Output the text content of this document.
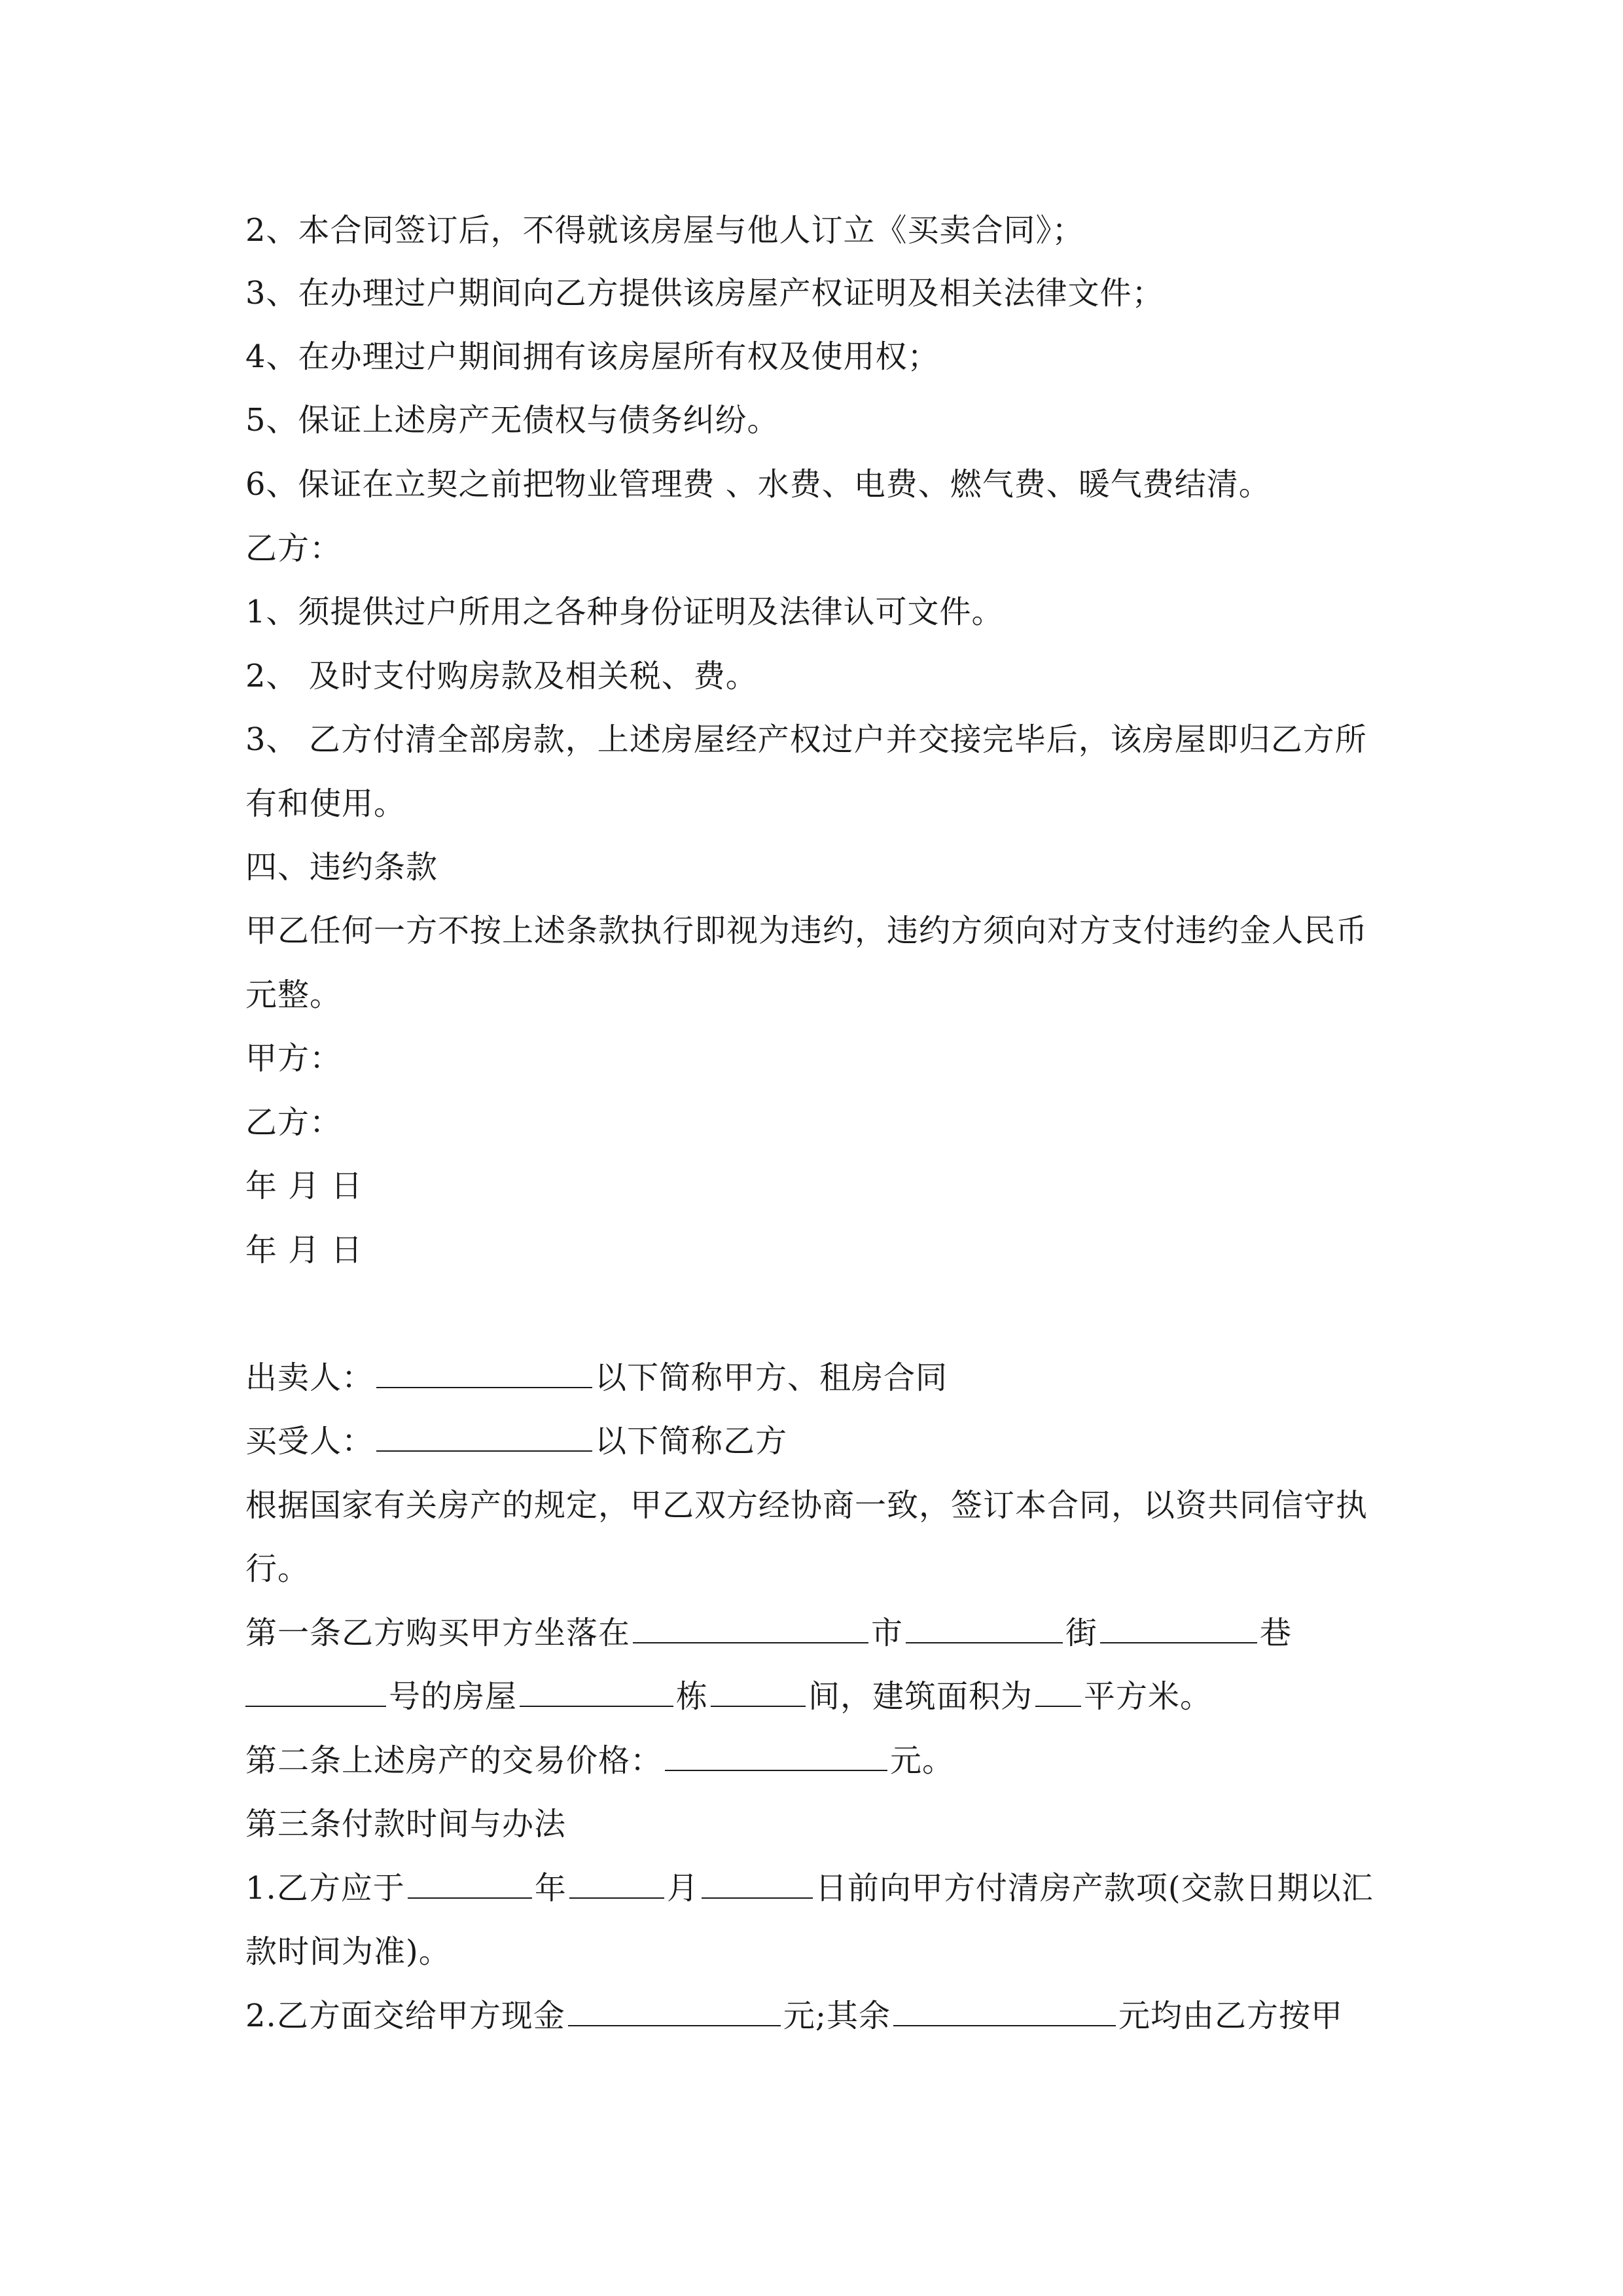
2、本合同签订后，不得就该房屋与他人订立《买卖合同》；
3、在办理过户期间向乙方提供该房屋产权证明及相关法律文件；
4、在办理过户期间拥有该房屋所有权及使用权；
5、保证上述房产无债权与债务纠纷。
6、保证在立契之前把物业管理费 、水费、电费、燃气费、暖气费结清。
乙方：
1、须提供过户所用之各种身份证明及法律认可文件。
2、 及时支付购房款及相关税、费。
3、 乙方付清全部房款，上述房屋经产权过户并交接完毕后，该房屋即归乙方所
有和使用。
四、违约条款
甲乙任何一方不按上述条款执行即视为违约，违约方须向对方支付违约金人民币
元整。
甲方：
乙方：
年 月 日
年 月 日
出卖人：	以下简称甲方、租房合同
买受人：	以下简称乙方
根据国家有关房产的规定，甲乙双方经协商一致，签订本合同，以资共同信守执
行。
第一条乙方购买甲方坐落在	市	街	巷
号的房屋	栋	间，建筑面积为 平方米。
第二条上述房产的交易价格：	元。
第三条付款时间与办法
1.乙方应于	年	月	日前向甲方付清房产款项(交款日期以汇
款时间为准)。
2.乙方面交给甲方现金	元;其余	元均由乙方按甲
